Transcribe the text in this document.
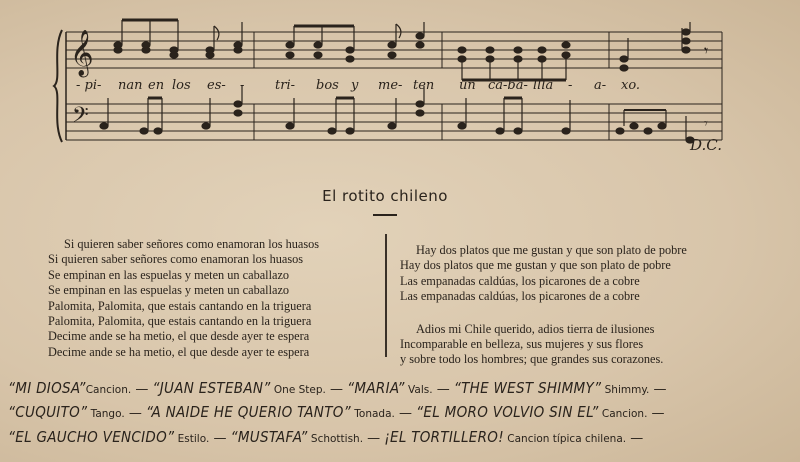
𝄞
𝄢
𝄾
𝄾
- pi- nan en los es- - tri- bos y me- ten un ca-ba- llla - a- xo.
D.C.
El rotito chileno
Si quieren saber señores como enamoran los huasos
Si quieren saber señores como enamoran los huasos
Se empinan en las espuelas y meten un caballazo
Se empinan en las espuelas y meten un caballazo
Palomita, Palomita, que estais cantando en la triguera
Palomita, Palomita, que estais cantando en la triguera
Decime ande se ha metio, el que desde ayer te espera
Decime ande se ha metio, el que desde ayer te espera
Hay dos platos que me gustan y que son plato de pobre
Hay dos platos que me gustan y que son plato de pobre
Las empanadas caldúas, los picarones de a cobre
Las empanadas caldúas, los picarones de a cobre
Adios mi Chile querido, adios tierra de ilusiones
Incomparable en belleza, sus mujeres y sus flores
y sobre todo los hombres; que grandes sus corazones.
“MI DIOSA”Cancion. — “JUAN ESTEBAN” One Step. — “MARIA” Vals. — “THE WEST SHIMMY” Shimmy. —
“CUQUITO” Tango. — “A NAIDE HE QUERIO TANTO” Tonada. — “EL MORO VOLVIO SIN EL” Cancion. —
“EL GAUCHO VENCIDO” Estilo. — “MUSTAFA” Schottish. — ¡EL TORTILLERO! Cancion típica chilena. —
